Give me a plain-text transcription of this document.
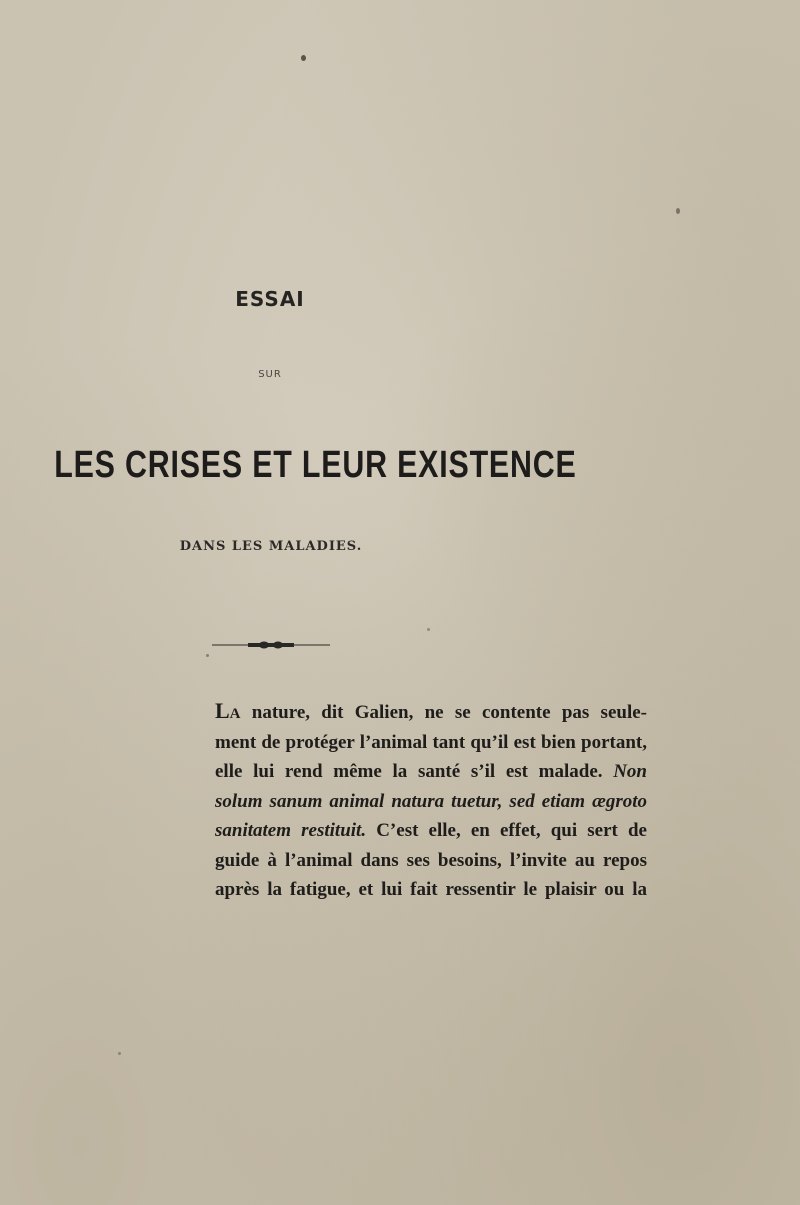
ESSAI
SUR
LES CRISES ET LEUR EXISTENCE
DANS LES MALADIES.
La nature, dit Galien, ne se contente pas seule-
ment de protéger l’animal tant qu’il est bien portant,
elle lui rend même la santé s’il est malade. Non
solum sanum animal natura tuetur, sed etiam ægroto
sanitatem restituit. C’est elle, en effet, qui sert de
guide à l’animal dans ses besoins, l’invite au repos
après la fatigue, et lui fait ressentir le plaisir ou la
